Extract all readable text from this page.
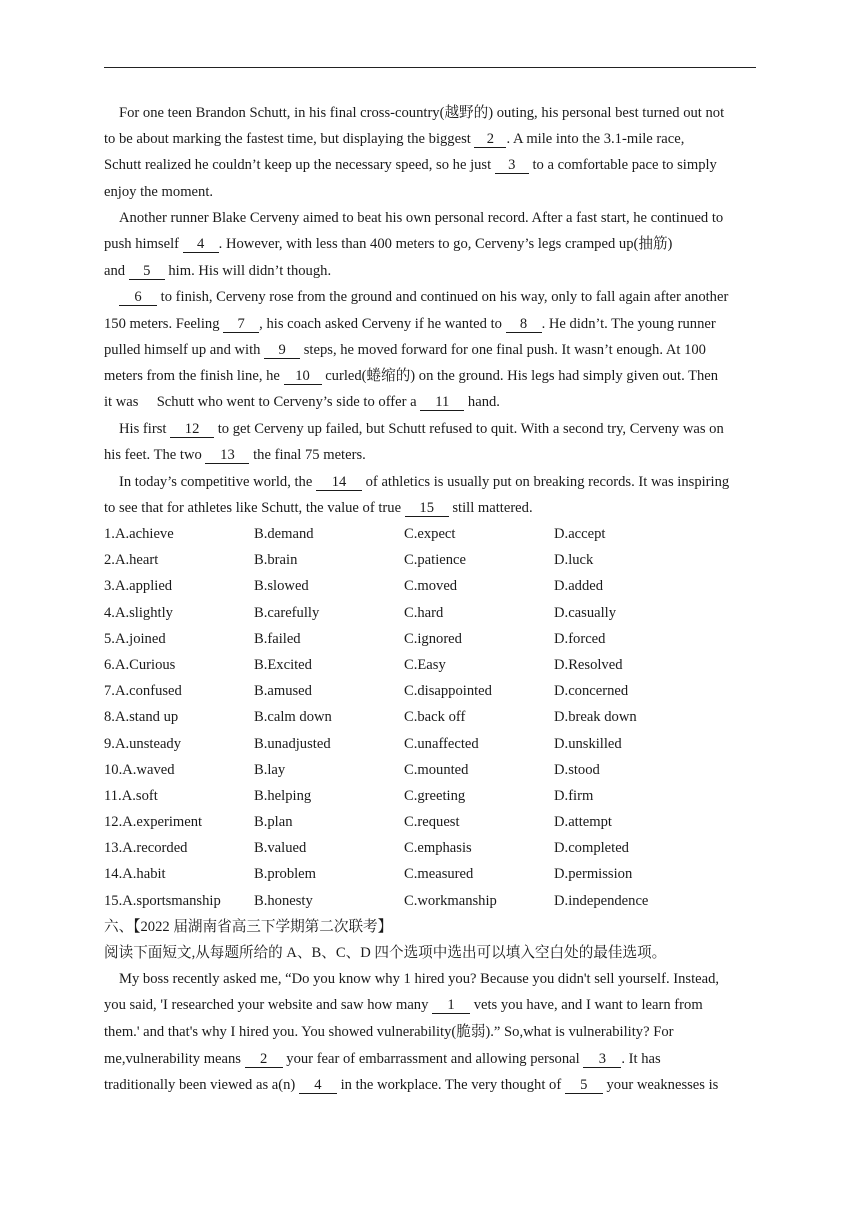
For one teen Brandon Schutt, in his final cross-country(越野的) outing, his personal best turned out not
to be about marking the fastest time, but displaying the biggest 2 . A mile into the 3.1-mile race,
Schutt realized he couldn’t keep up the necessary speed, so he just 3 to a comfortable pace to simply
enjoy the moment.
Another runner Blake Cerveny aimed to beat his own personal record. After a fast start, he continued to
push himself 4 . However, with less than 400 meters to go, Cerveny’s legs cramped up(抽筋)
and 5 him. His will didn’t though.
6 to finish, Cerveny rose from the ground and continued on his way, only to fall again after another
150 meters. Feeling 7 , his coach asked Cerveny if he wanted to 8 . He didn’t. The young runner
pulled himself up and with 9 steps, he moved forward for one final push. It wasn’t enough. At 100
meters from the finish line, he 10 curled(蜷缩的) on the ground. His legs had simply given out. Then
it was     Schutt who went to Cerveny’s side to offer a 11 hand.
His first 12 to get Cerveny up failed, but Schutt refused to quit. With a second try, Cerveny was on
his feet. The two 13 the final 75 meters.
In today’s competitive world, the 14 of athletics is usually put on breaking records. It was inspiring
to see that for athletes like Schutt, the value of true 15 still mattered.
1.A.achieve	B.demand	C.expect	D.accept
2.A.heart	B.brain	C.patience	D.luck
3.A.applied	B.slowed	C.moved	D.added
4.A.slightly	B.carefully	C.hard	D.casually
5.A.joined	B.failed	C.ignored	D.forced
6.A.Curious	B.Excited	C.Easy	D.Resolved
7.A.confused	B.amused	C.disappointed	D.concerned
8.A.stand up	B.calm down	C.back off	D.break down
9.A.unsteady	B.unadjusted	C.unaffected	D.unskilled
10.A.waved	B.lay	C.mounted	D.stood
11.A.soft	B.helping	C.greeting	D.firm
12.A.experiment	B.plan	C.request	D.attempt
13.A.recorded	B.valued	C.emphasis	D.completed
14.A.habit	B.problem	C.measured	D.permission
15.A.sportsmanship B.honesty	C.workmanship	D.independence
六、【2022 届湖南省高三下学期第二次联考】
阅读下面短文,从每题所给的 A、B、C、D 四个选项中选出可以填入空白处的最佳选项。
My boss recently asked me, “Do you know why 1 hired you? Because you didn't sell yourself. Instead,
you said, 'I researched your website and saw how many 1 vets you have, and I want to learn from
them.' and that's why I hired you. You showed vulnerability(脆弱).” So,what is vulnerability? For
me,vulnerability means 2 your fear of embarrassment and allowing personal 3 . It has
traditionally been viewed as a(n) 4 in the workplace. The very thought of 5 your weaknesses is
